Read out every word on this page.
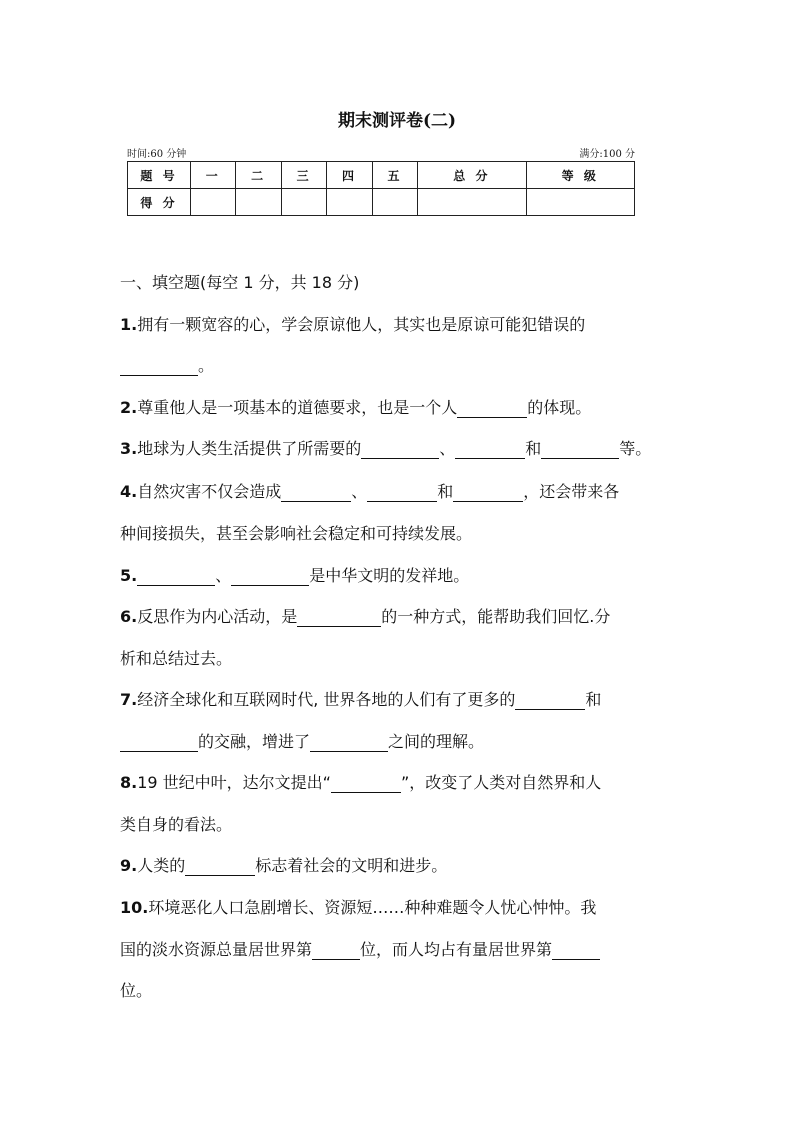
期末测评卷(二)
时间:60 分钟	满分:100 分
题 号	一	二	三	四	五	总 分	等 级
得 分							
一、填空题(每空 1 分，共 18 分)
1.拥有一颗宽容的心，学会原谅他人，其实也是原谅可能犯错误的
。
2.尊重他人是一项基本的道德要求，也是一个人	的体现。
3.地球为人类生活提供了所需要的	、	和	等。
4.自然灾害不仅会造成	、	和	，还会带来各
种间接损失，甚至会影响社会稳定和可持续发展。
5.	、	是中华文明的发祥地。
6.反思作为内心活动，是	的一种方式，能帮助我们回忆.分
析和总结过去。
7.经济全球化和互联网时代, 世界各地的人们有了更多的	和
的交融，增进了	之间的理解。
8.19 世纪中叶，达尔文提出“	”，改变了人类对自然界和人
类自身的看法。
9.人类的	标志着社会的文明和进步。
10.环境恶化人口急剧增长、资源短……种种难题令人忧心忡忡。我
国的淡水资源总量居世界第	位，而人均占有量居世界第
位。
